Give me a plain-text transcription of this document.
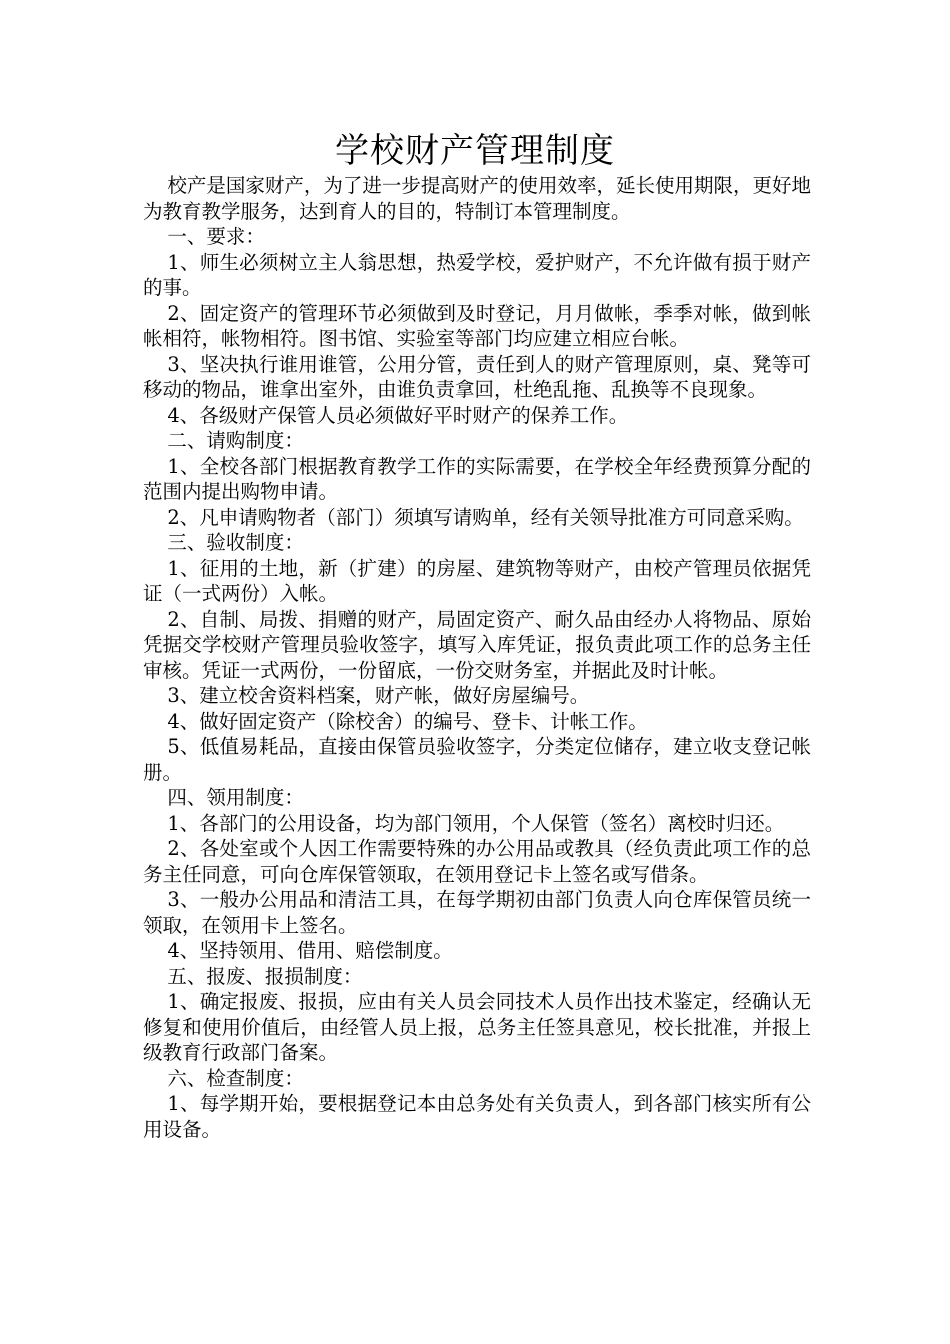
学校财产管理制度

校产是国家财产，为了进一步提高财产的使用效率，延长使用期限，更好地为教育教学服务，达到育人的目的，特制订本管理制度。

一、要求：

1、师生必须树立主人翁思想，热爱学校，爱护财产，不允许做有损于财产的事。

2、固定资产的管理环节必须做到及时登记，月月做帐，季季对帐，做到帐帐相符，帐物相符。图书馆、实验室等部门均应建立相应台帐。

3、坚决执行谁用谁管，公用分管，责任到人的财产管理原则，桌、凳等可移动的物品，谁拿出室外，由谁负责拿回，杜绝乱拖、乱换等不良现象。

4、各级财产保管人员必须做好平时财产的保养工作。

二、请购制度：

1、全校各部门根据教育教学工作的实际需要，在学校全年经费预算分配的范围内提出购物申请。

2、凡申请购物者（部门）须填写请购单，经有关领导批准方可同意采购。

三、验收制度：

1、征用的土地，新（扩建）的房屋、建筑物等财产，由校产管理员依据凭证（一式两份）入帐。

2、自制、局拨、捐赠的财产，局固定资产、耐久品由经办人将物品、原始凭据交学校财产管理员验收签字，填写入库凭证，报负责此项工作的总务主任审核。凭证一式两份，一份留底，一份交财务室，并据此及时计帐。

3、建立校舍资料档案，财产帐，做好房屋编号。

4、做好固定资产（除校舍）的编号、登卡、计帐工作。

5、低值易耗品，直接由保管员验收签字，分类定位储存，建立收支登记帐册。

四、领用制度：

1、各部门的公用设备，均为部门领用，个人保管（签名）离校时归还。

2、各处室或个人因工作需要特殊的办公用品或教具（经负责此项工作的总务主任同意，可向仓库保管领取，在领用登记卡上签名或写借条。

3、一般办公用品和清洁工具，在每学期初由部门负责人向仓库保管员统一领取，在领用卡上签名。

4、坚持领用、借用、赔偿制度。

五、报废、报损制度：

1、确定报废、报损，应由有关人员会同技术人员作出技术鉴定，经确认无修复和使用价值后，由经管人员上报，总务主任签具意见，校长批准，并报上级教育行政部门备案。

六、检查制度：

1、每学期开始，要根据登记本由总务处有关负责人，到各部门核实所有公用设备。
